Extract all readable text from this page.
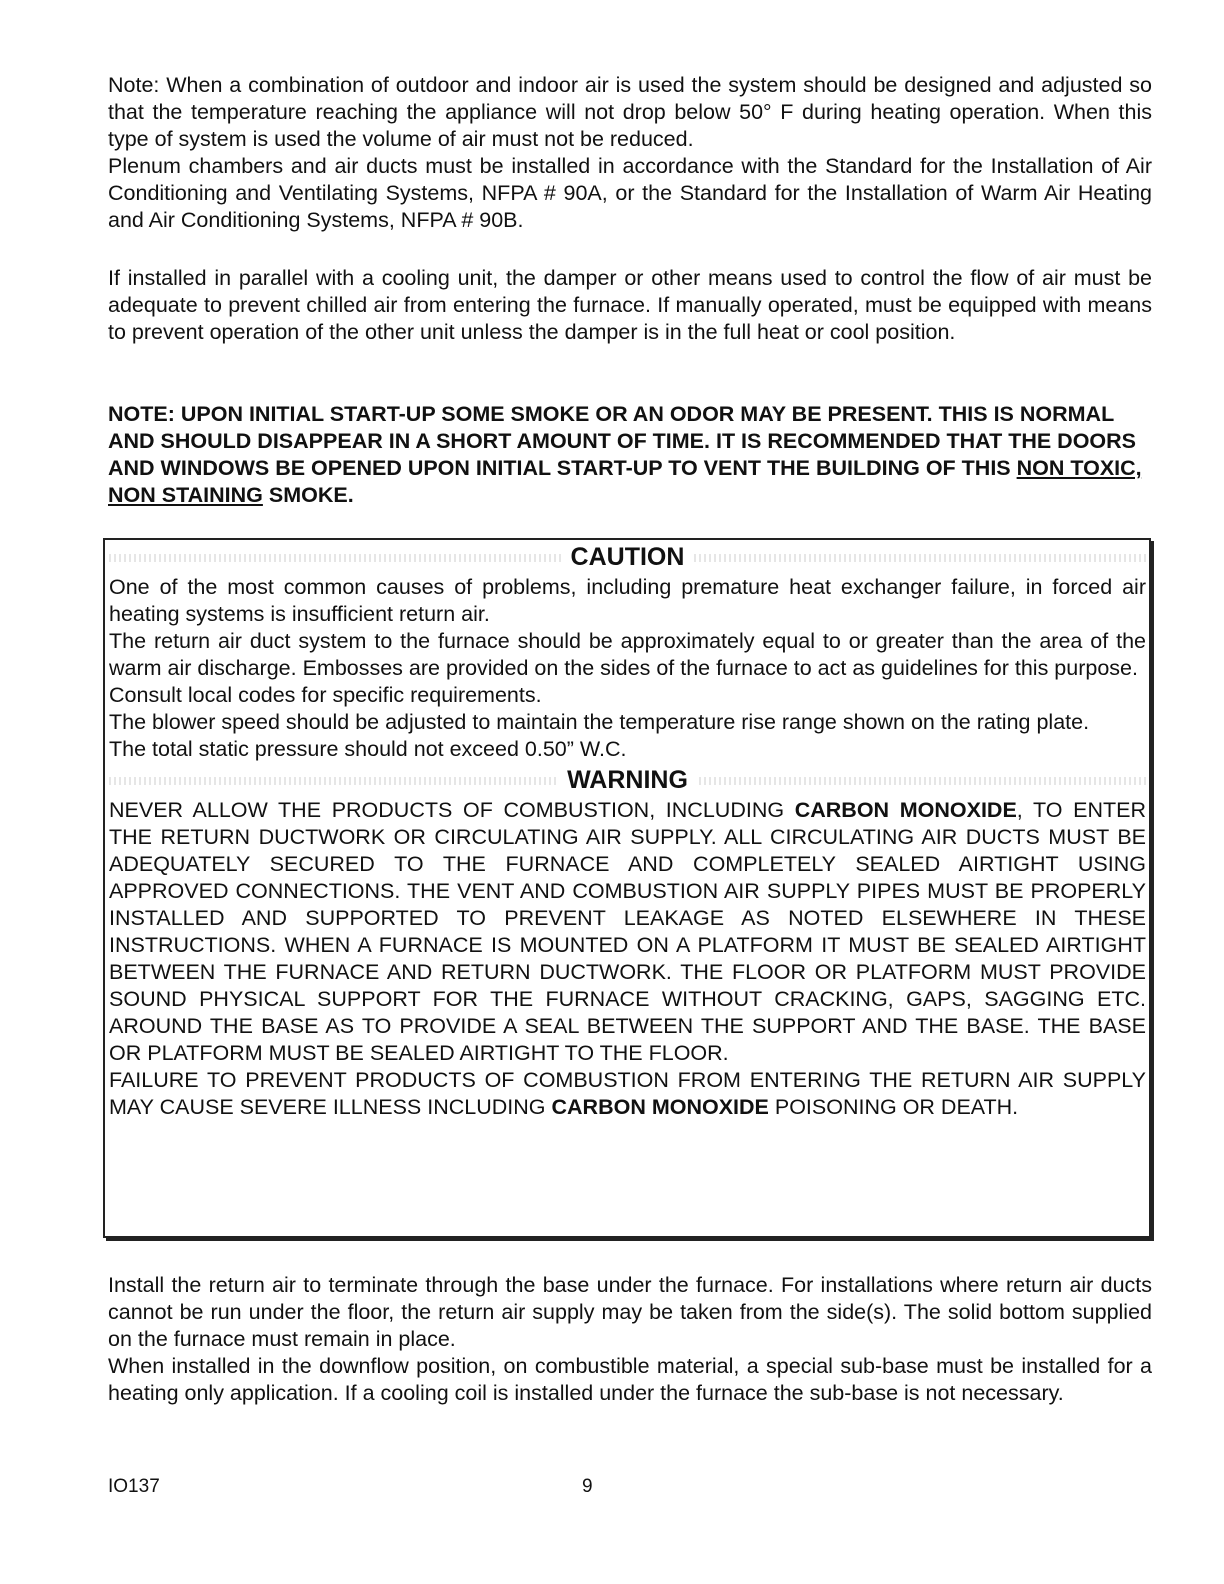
Note: When a combination of outdoor and indoor air is used the system should be designed and adjusted so that the temperature reaching the appliance will not drop below 50° F during heating operation. When this type of system is used the volume of air must not be reduced.

Plenum chambers and air ducts must be installed in accordance with the Standard for the Installation of Air Conditioning and Ventilating Systems, NFPA # 90A, or the Standard for the Installation of Warm Air Heating and Air Conditioning Systems, NFPA # 90B.

If installed in parallel with a cooling unit, the damper or other means used to control the flow of air must be adequate to prevent chilled air from entering the furnace. If manually operated, must be equipped with means to prevent operation of the other unit unless the damper is in the full heat or cool position.

NOTE: UPON INITIAL START-UP SOME SMOKE OR AN ODOR MAY BE PRESENT. THIS IS NORMAL AND SHOULD DISAPPEAR IN A SHORT AMOUNT OF TIME. IT IS RECOMMENDED THAT THE DOORS AND WINDOWS BE OPENED UPON INITIAL START-UP TO VENT THE BUILDING OF THIS NON TOXIC, NON STAINING SMOKE.
CAUTION

One of the most common causes of problems, including premature heat exchanger failure, in forced air heating systems is insufficient return air.

The return air duct system to the furnace should be approximately equal to or greater than the area of the warm air discharge. Embosses are provided on the sides of the furnace to act as guidelines for this purpose.

Consult local codes for specific requirements.

The blower speed should be adjusted to maintain the temperature rise range shown on the rating plate.

The total static pressure should not exceed 0.50” W.C.

WARNING

NEVER ALLOW THE PRODUCTS OF COMBUSTION, INCLUDING CARBON MONOXIDE, TO ENTER THE RETURN DUCTWORK OR CIRCULATING AIR SUPPLY. ALL CIRCULATING AIR DUCTS MUST BE ADEQUATELY SECURED TO THE FURNACE AND COMPLETELY SEALED AIRTIGHT USING APPROVED CONNECTIONS. THE VENT AND COMBUSTION AIR SUPPLY PIPES MUST BE PROPERLY INSTALLED AND SUPPORTED TO PREVENT LEAKAGE AS NOTED ELSEWHERE IN THESE INSTRUCTIONS. WHEN A FURNACE IS MOUNTED ON A PLATFORM IT MUST BE SEALED AIRTIGHT BETWEEN THE FURNACE AND RETURN DUCTWORK. THE FLOOR OR PLATFORM MUST PROVIDE SOUND PHYSICAL SUPPORT FOR THE FURNACE WITHOUT CRACKING, GAPS, SAGGING ETC. AROUND THE BASE AS TO PROVIDE A SEAL BETWEEN THE SUPPORT AND THE BASE. THE BASE OR PLATFORM MUST BE SEALED AIRTIGHT TO THE FLOOR.

FAILURE TO PREVENT PRODUCTS OF COMBUSTION FROM ENTERING THE RETURN AIR SUPPLY MAY CAUSE SEVERE ILLNESS INCLUDING CARBON MONOXIDE POISONING OR DEATH.

Install the return air to terminate through the base under the furnace. For installations where return air ducts cannot be run under the floor, the return air supply may be taken from the side(s). The solid bottom supplied on the furnace must remain in place.

When installed in the downflow position, on combustible material, a special sub-base must be installed for a heating only application. If a cooling coil is installed under the furnace the sub-base is not necessary.

IO137	9
